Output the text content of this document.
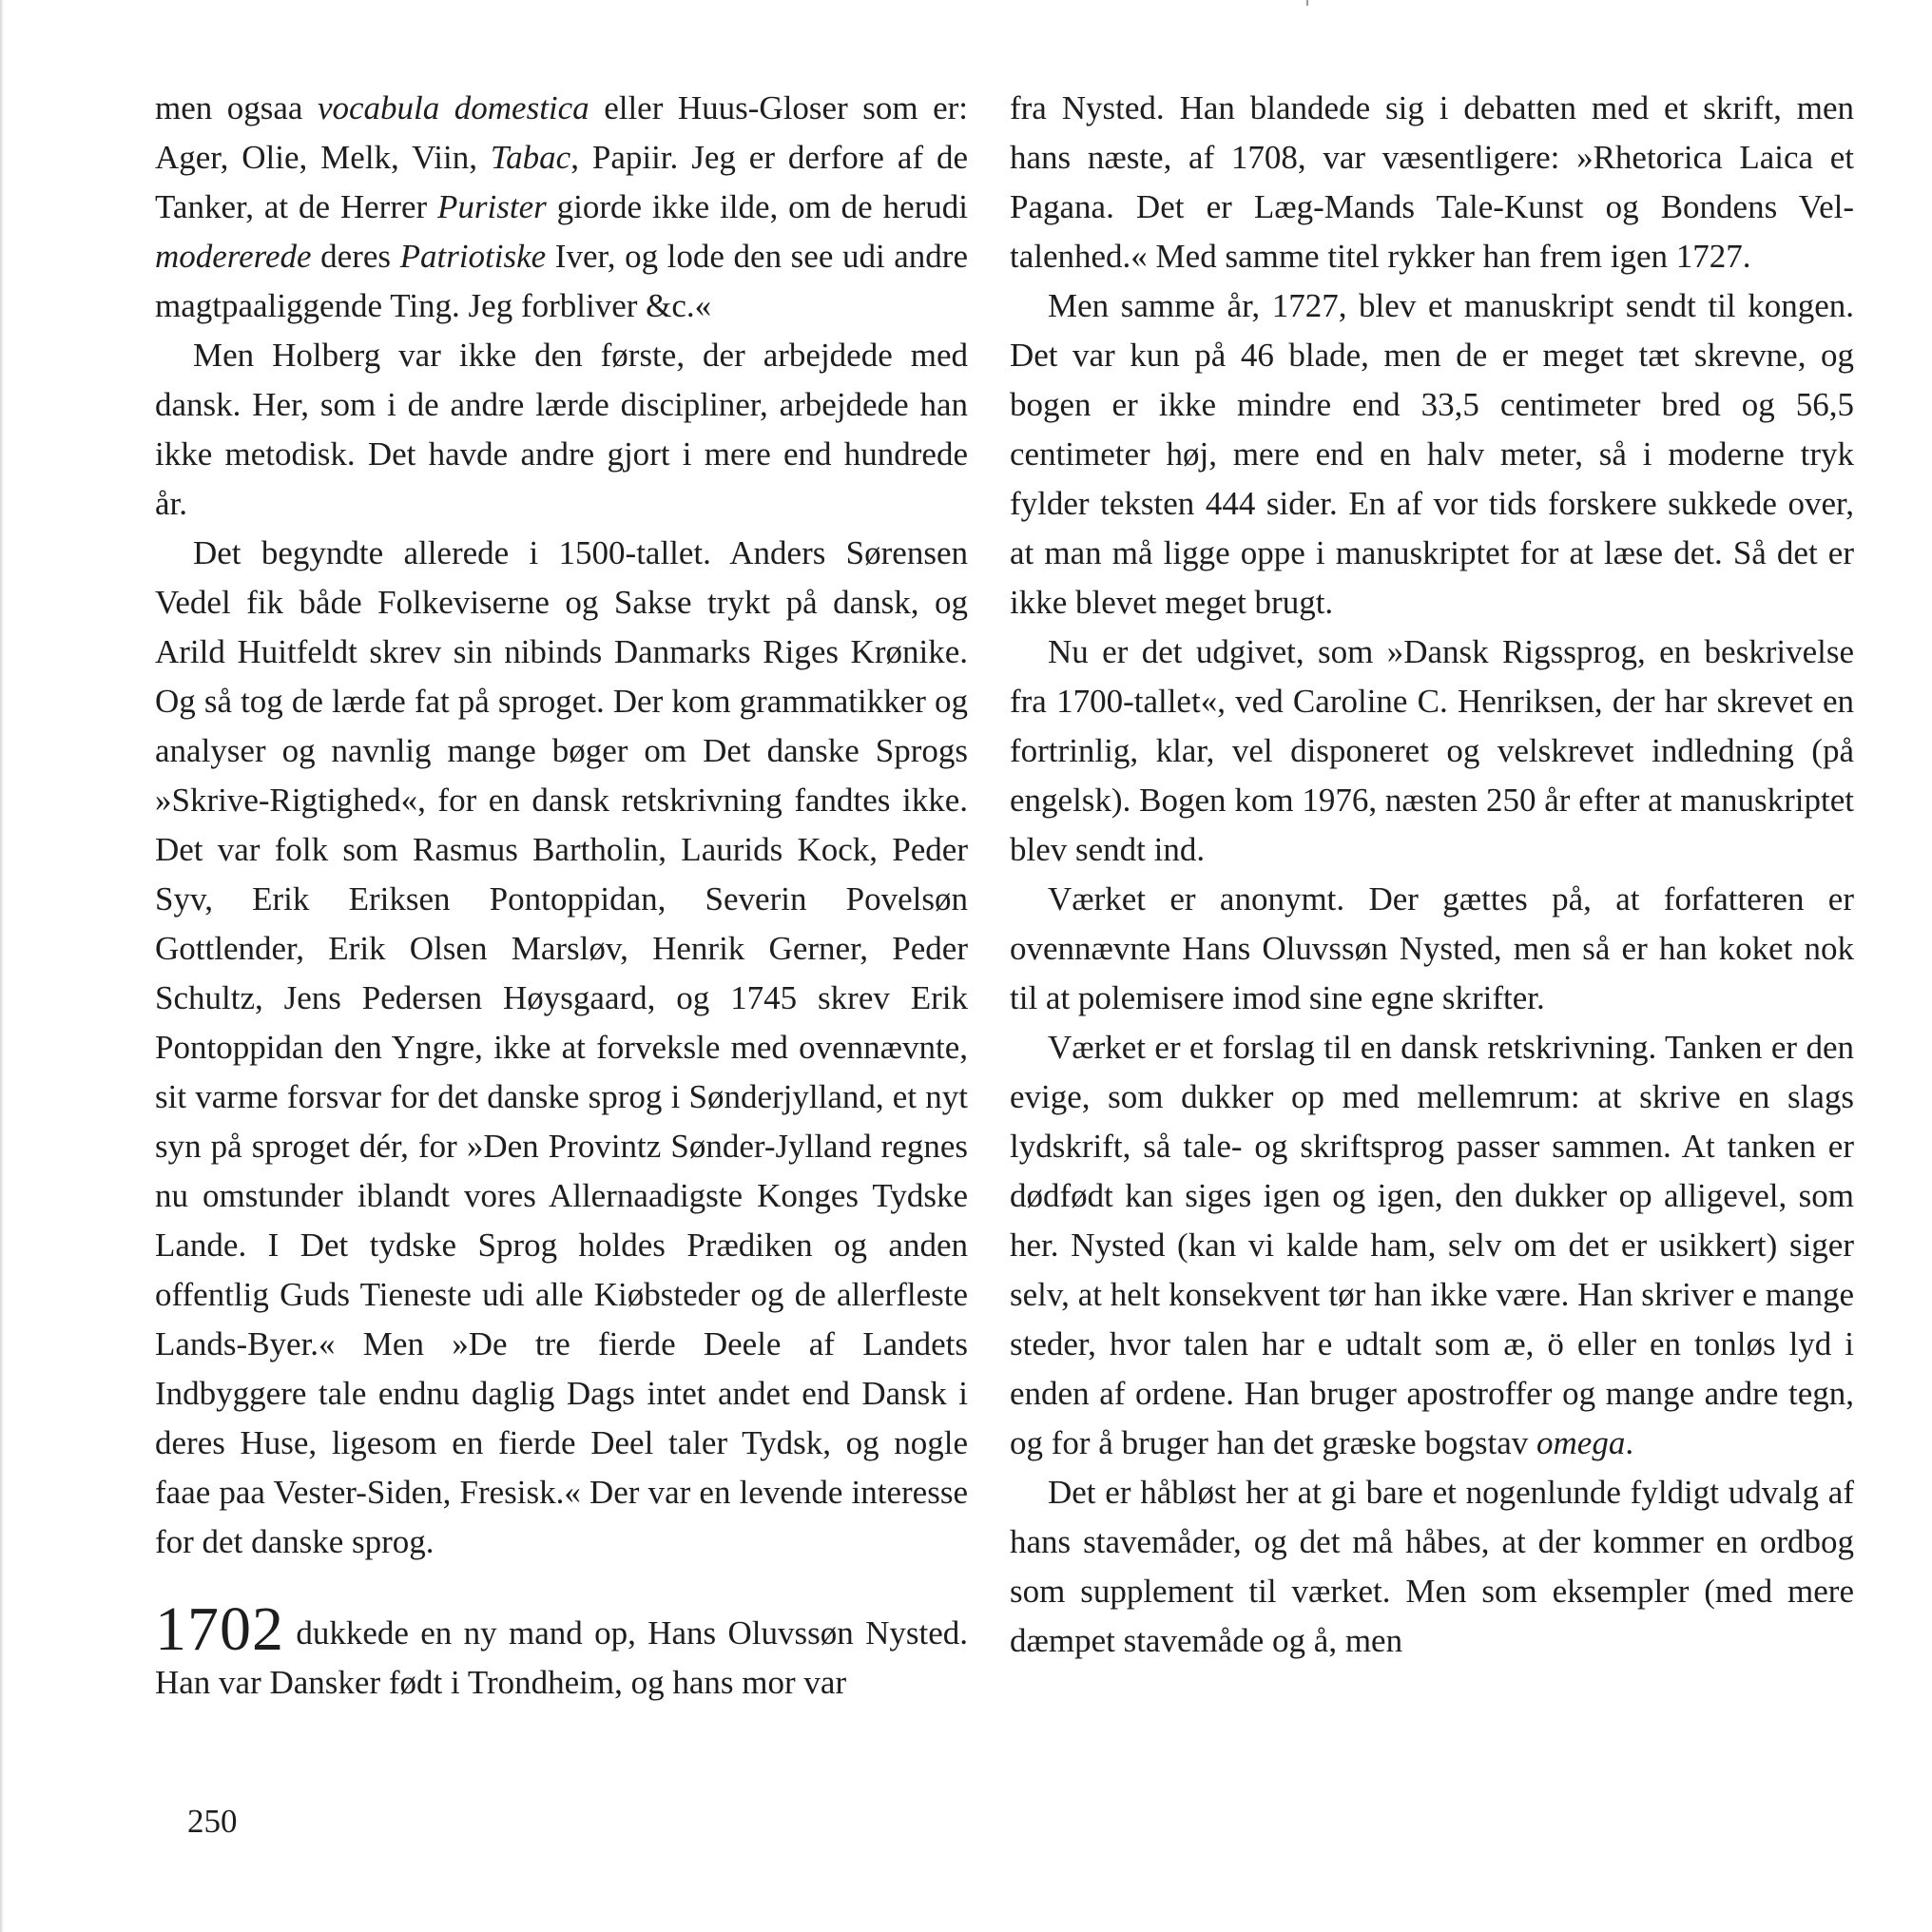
men ogsaa vocabula domestica eller Huus-Gloser som er: Ager, Olie, Melk, Viin, Tabac, Papiir. Jeg er derfore af de Tanker, at de Herrer Purister giorde ikke ilde, om de herudi modererede deres Patriotiske Iver, og lode den see udi andre magtpaaliggende Ting. Jeg forbliver &c.«

Men Holberg var ikke den første, der arbejdede med dansk. Her, som i de andre lærde discipliner, arbejdede han ikke metodisk. Det havde andre gjort i mere end hundrede år.

Det begyndte allerede i 1500-tallet. Anders Sørensen Vedel fik både Folkeviserne og Sakse trykt på dansk, og Arild Huitfeldt skrev sin nibinds Danmarks Riges Krønike. Og så tog de lærde fat på sproget. Der kom grammatikker og analyser og navnlig mange bøger om Det danske Sprogs »Skrive-Rigtighed«, for en dansk retskrivning fandtes ikke. Det var folk som Rasmus Bartholin, Laurids Kock, Peder Syv, Erik Eriksen Pontoppidan, Severin Povelsøn Gottlender, Erik Olsen Marsløv, Henrik Gerner, Peder Schultz, Jens Pedersen Høysgaard, og 1745 skrev Erik Pontoppidan den Yngre, ikke at forveksle med ovennævnte, sit varme forsvar for det danske sprog i Sønderjylland, et nyt syn på sproget dér, for »Den Provintz Sønder-Jylland regnes nu omstunder iblandt vores Allernaadigste Konges Tydske Lande. I Det tydske Sprog holdes Prædiken og anden offentlig Guds Tieneste udi alle Kiøbsteder og de allerfleste Lands-Byer.« Men »De tre fierde Deele af Landets Indbyggere tale endnu daglig Dags intet andet end Dansk i deres Huse, ligesom en fierde Deel taler Tydsk, og nogle faae paa Vester-Siden, Fresisk.« Der var en levende interesse for det danske sprog.

1702 dukkede en ny mand op, Hans Oluvssøn Nysted. Han var Dansker født i Trondheim, og hans mor var

fra Nysted. Han blandede sig i debatten med et skrift, men hans næste, af 1708, var væsentligere: »Rhetorica Laica et Pagana. Det er Læg-Mands Tale-Kunst og Bondens Vel-talenhed.« Med samme titel rykker han frem igen 1727.

Men samme år, 1727, blev et manuskript sendt til kongen. Det var kun på 46 blade, men de er meget tæt skrevne, og bogen er ikke mindre end 33,5 centimeter bred og 56,5 centimeter høj, mere end en halv meter, så i moderne tryk fylder teksten 444 sider. En af vor tids forskere sukkede over, at man må ligge oppe i manuskriptet for at læse det. Så det er ikke blevet meget brugt.

Nu er det udgivet, som »Dansk Rigssprog, en beskrivelse fra 1700-tallet«, ved Caroline C. Henriksen, der har skrevet en fortrinlig, klar, vel disponeret og velskrevet indledning (på engelsk). Bogen kom 1976, næsten 250 år efter at manuskriptet blev sendt ind.

Værket er anonymt. Der gættes på, at forfatteren er ovennævnte Hans Oluvssøn Nysted, men så er han koket nok til at polemisere imod sine egne skrifter.

Værket er et forslag til en dansk retskrivning. Tanken er den evige, som dukker op med mellemrum: at skrive en slags lydskrift, så tale- og skriftsprog passer sammen. At tanken er dødfødt kan siges igen og igen, den dukker op alligevel, som her. Nysted (kan vi kalde ham, selv om det er usikkert) siger selv, at helt konsekvent tør han ikke være. Han skriver e mange steder, hvor talen har e udtalt som æ, ö eller en tonløs lyd i enden af ordene. Han bruger apostroffer og mange andre tegn, og for å bruger han det græske bogstav omega.

Det er håbløst her at gi bare et nogenlunde fyldigt udvalg af hans stavemåder, og det må håbes, at der kommer en ordbog som supplement til værket. Men som eksempler (med mere dæmpet stavemåde og å, men

250
